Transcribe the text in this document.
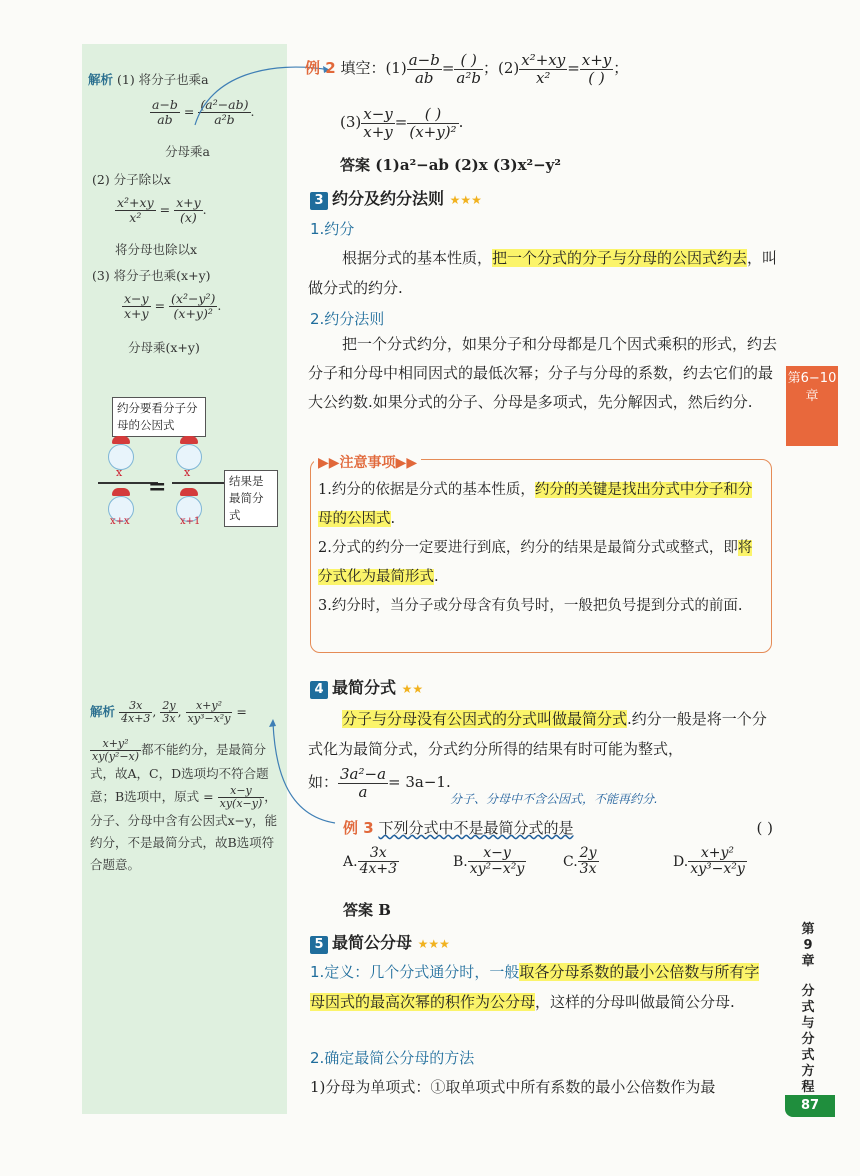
解析 (1) 将分子也乘a
$\frac{a-b}{ab} = \frac{\text{(a²−ab)}}{\text{a²b}}$ .
分母乘a
(2) 分子除以x
$\frac{\text{x²+xy}}{\text{x²}} = \frac{x+y}{(x)}$ .
将分母也除以x
(3) 将分子也乘(x+y)
$\frac{x-y}{x+y} = \frac{\text{(x²−y²)}}{\text{(x+y)²}}$ .
分母乘(x+y)
约分要看分子分母的公因式
x	x
=
x+x	x+1
结果是最简分式
解析 $\frac{3x}{4x+3}$ , $\frac{2y}{3x}$ , $\frac{\text{x+y²}}{\text{xy³−x²y}}$ =
$\frac{\text{x+y²}}{\text{xy(y²−x)}}$ 都不能约分，是最简分式，故A，C，D选项均不符合题意；B选项中，原式 = $\frac{x-y}{xy(x-y)}$ ，分子、分母中含有公因式x−y，能约分，不是最简分式，故B选项符合题意。
例 2 填空：$(1) \frac{a-b}{ab} = \frac{( )}{\text{a²b}}$ ；$(2) \frac{\text{x²+xy}}{\text{x²}} = \frac{x+y}{( )}$ ；
$(3) \frac{x-y}{x+y} = \frac{( )}{\text{(x+y)²}}$ .
答案 (1)a²−ab (2)x (3)x²−y²
3 约分及约分法则 ★★★
1.约分
根据分式的基本性质，把一个分式的分子与分母的公因式约去，叫做分式的约分.
2.约分法则
把一个分式约分，如果分子和分母都是几个因式乘积的形式，约去分子和分母中相同因式的最低次幂；分子与分母的系数，约去它们的最大公约数.如果分式的分子、分母是多项式，先分解因式，然后约分.
▶▶注意事项▶▶
1.约分的依据是分式的基本性质，约分的关键是找出分式中分子和分母的公因式.
2.分式的约分一定要进行到底，约分的结果是最简分式或整式，即将分式化为最简形式.
3.约分时，当分子或分母含有负号时，一般把负号提到分式的前面.
4 最简分式 ★★
分子与分母没有公因式的分式叫做最简分式.约分一般是将一个分式化为最简分式，分式约分所得的结果有时可能为整式，
如： $\frac{\text{3a²−a}}{a} = 3a-1$.
分子、分母中不含公因式，不能再约分.
例 3 下列分式中不是最简分式的是	( )
A. $\frac{3x}{4x+3}$	B. $\frac{x-y}{\text{xy²−x²y}}$	C. $\frac{2y}{3x}$	D. $\frac{\text{x+y²}}{\text{xy³−x²y}}$
答案 B
5 最简公分母 ★★★
1.定义：几个分式通分时，一般取各分母系数的最小公倍数与所有字母因式的最高次幂的积作为公分母，这样的分母叫做最简公分母.
2.确定最简公分母的方法
1)分母为单项式：①取单项式中所有系数的最小公倍数作为最
第6−10章
第
9
章
分
式
与
分
式
方
程
87
